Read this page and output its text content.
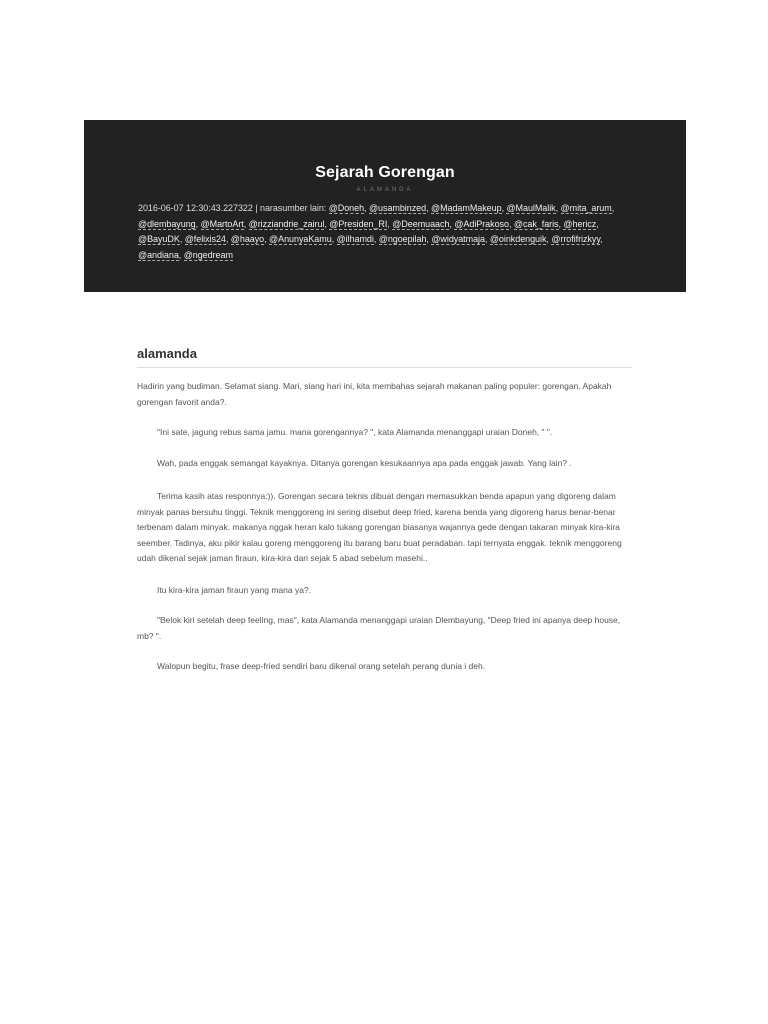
Sejarah Gorengan
ALAMANDA
2016-06-07 12:30:43.227322 | narasumber lain: @Doneh, @usambinzed, @MadamMakeup, @MaulMalik, @mita_arum, @dlembayung, @MartoArt, @rizziandrie_zairul, @Presiden_RI, @Deemuaach, @AdiPrakoso, @cak_faris, @hericz, @BayuDK, @felixis24, @haayo, @AnunyaKamu, @ilhamdi, @ngoepilah, @widyatmaja, @oinkdenguik, @rrofifrizkyy, @andiana, @ngedream
alamanda

Hadirin yang budiman. Selamat siang. Mari, siang hari ini, kita membahas sejarah makanan paling populer: gorengan. Apakah gorengan favorit anda?.

"Ini sate, jagung rebus sama jamu. mana gorengannya? ", kata Alamanda menanggapi uraian Doneh, " ".

Wah, pada enggak semangat kayaknya. Ditanya gorengan kesukaannya apa pada enggak jawab. Yang lain? .

Terima kasih atas responnya:)). Gorengan secara teknis dibuat dengan memasukkan benda apapun yang digoreng dalam minyak panas bersuhu tinggi. Teknik menggoreng ini sering disebut deep fried, karena benda yang digoreng harus benar-benar terbenam dalam minyak. makanya nggak heran kalo tukang gorengan biasanya wajannya gede dengan takaran minyak kira-kira seember. Tadinya, aku pikir kalau goreng menggoreng itu barang baru buat peradaban. tapi ternyata enggak. teknik menggoreng udah dikenal sejak jaman firaun, kira-kira dari sejak 5 abad sebelum masehi..

Itu kira-kira jaman firaun yang mana ya?.

"Belok kiri setelah deep feeling, mas", kata Alamanda menanggapi uraian Dlembayung, "Deep fried ini apanya deep house, mb? ".

Walopun begitu, frase deep-fried sendiri baru dikenal orang setelah perang dunia i deh.
